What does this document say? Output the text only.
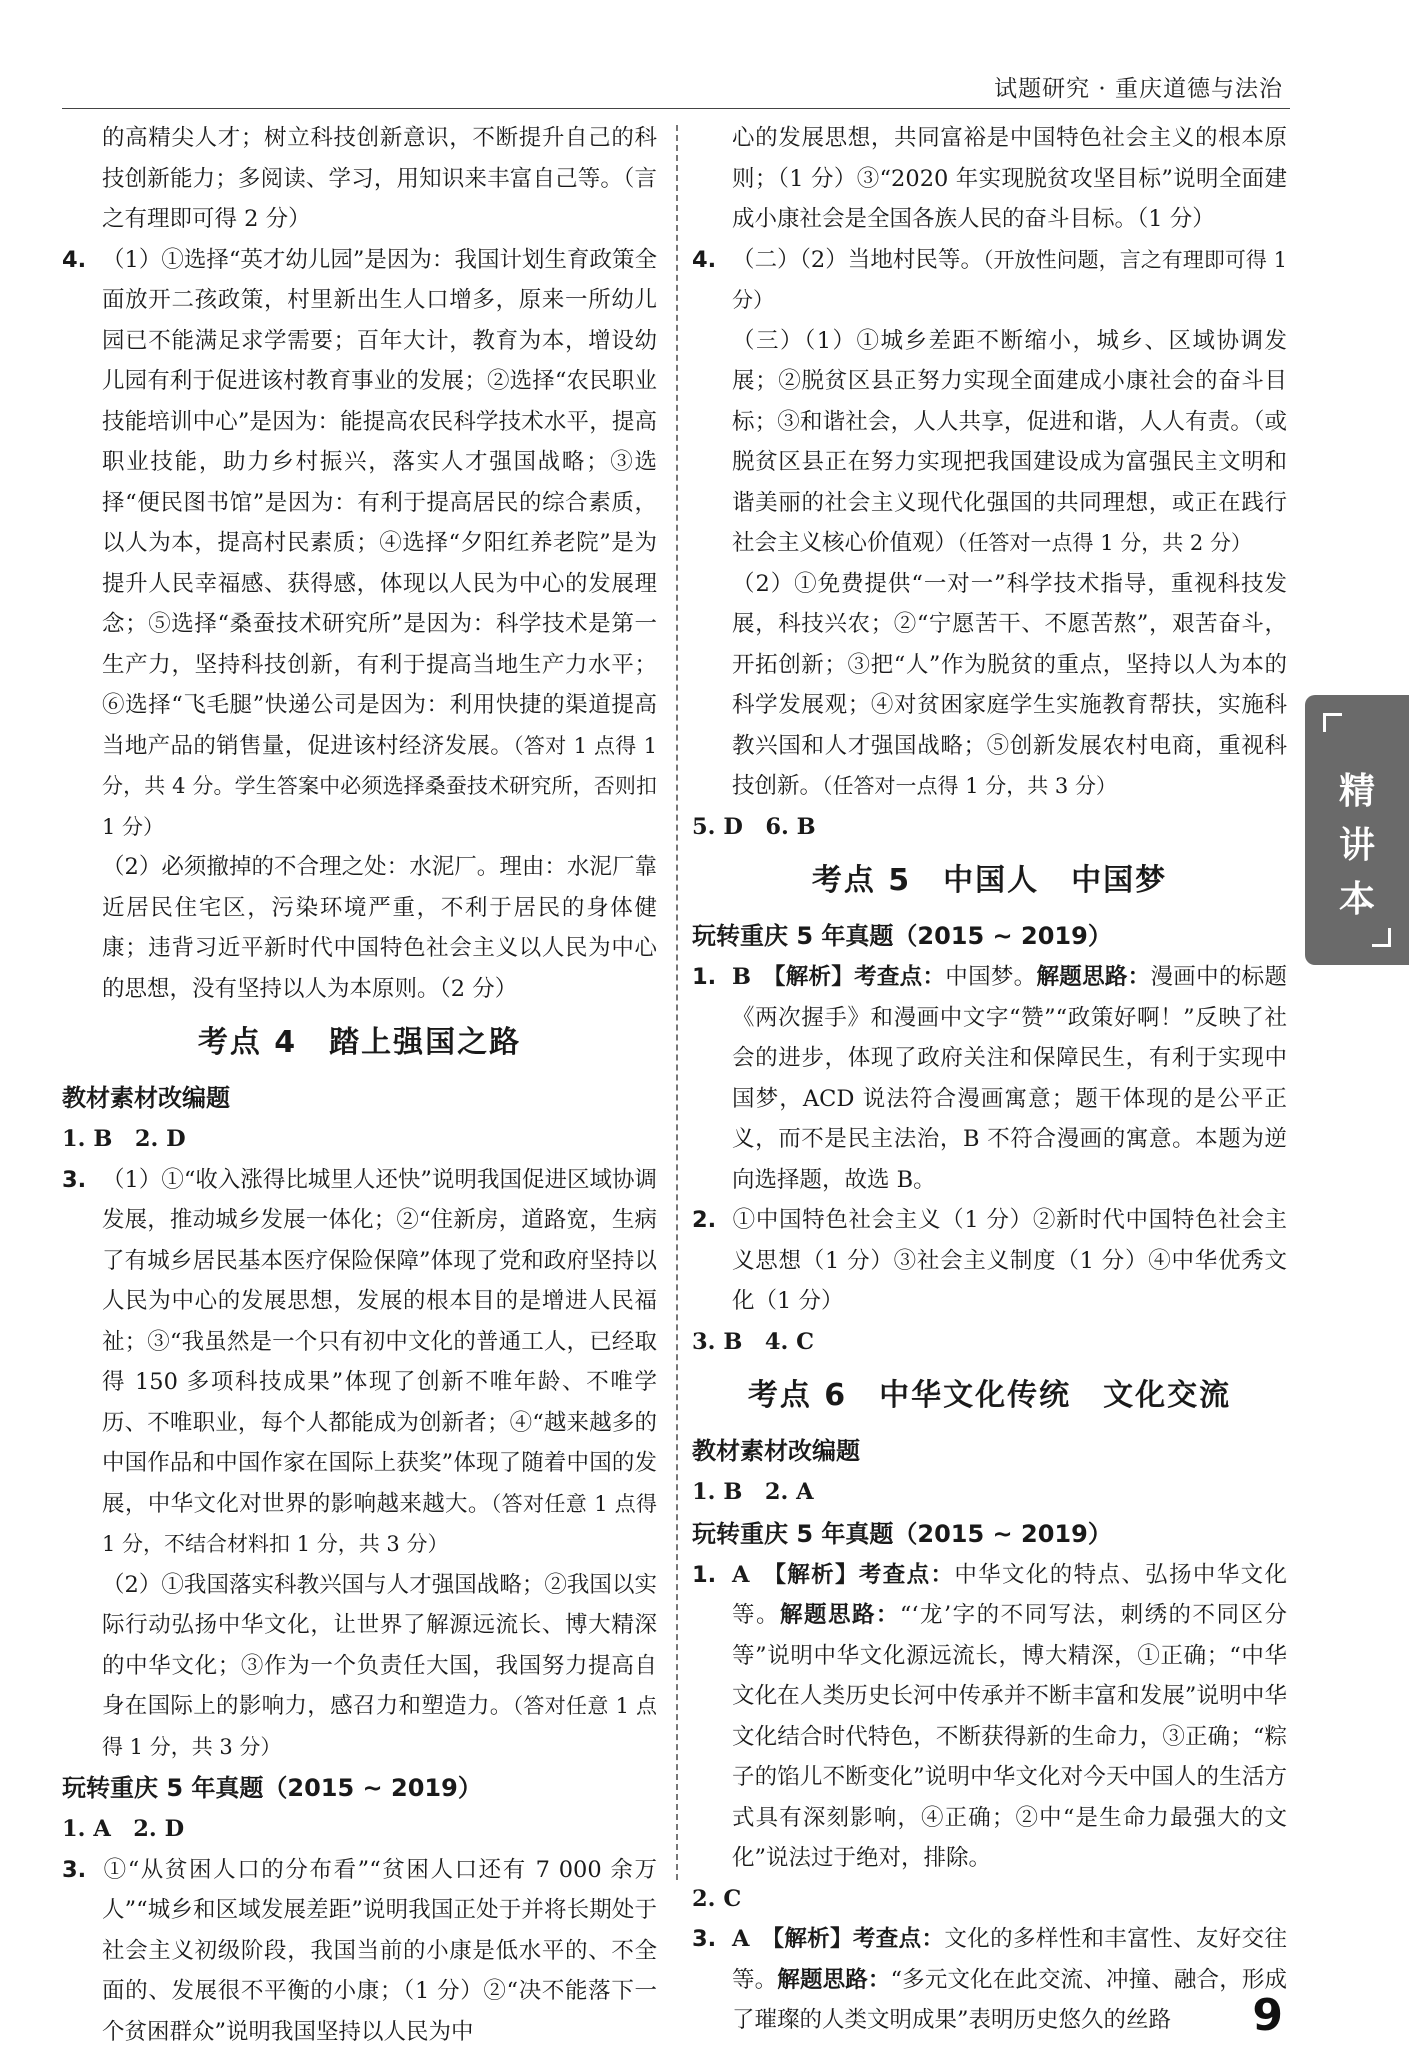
试题研究 · 重庆道德与法治

的高精尖人才；树立科技创新意识，不断提升自己的科技创新能力；多阅读、学习，用知识来丰富自己等。（言之有理即可得 2 分）

4. （1）①选择“英才幼儿园”是因为：我国计划生育政策全面放开二孩政策，村里新出生人口增多，原来一所幼儿园已不能满足求学需要；百年大计，教育为本，增设幼儿园有利于促进该村教育事业的发展；②选择“农民职业技能培训中心”是因为：能提高农民科学技术水平，提高职业技能，助力乡村振兴，落实人才强国战略；③选择“便民图书馆”是因为：有利于提高居民的综合素质，以人为本，提高村民素质；④选择“夕阳红养老院”是为提升人民幸福感、获得感，体现以人民为中心的发展理念；⑤选择“桑蚕技术研究所”是因为：科学技术是第一生产力，坚持科技创新，有利于提高当地生产力水平；⑥选择“飞毛腿”快递公司是因为：利用快捷的渠道提高当地产品的销售量，促进该村经济发展。（答对 1 点得 1 分，共 4 分。学生答案中必须选择桑蚕技术研究所，否则扣 1 分）

（2）必须撤掉的不合理之处：水泥厂。理由：水泥厂靠近居民住宅区，污染环境严重，不利于居民的身体健康；违背习近平新时代中国特色社会主义以人民为中心的思想，没有坚持以人为本原则。（2 分）

考点 4　踏上强国之路
教材素材改编题

1. B　2. D

3. （1）①“收入涨得比城里人还快”说明我国促进区域协调发展，推动城乡发展一体化；②“住新房，道路宽，生病了有城乡居民基本医疗保险保障”体现了党和政府坚持以人民为中心的发展思想，发展的根本目的是增进人民福祉；③“我虽然是一个只有初中文化的普通工人，已经取得 150 多项科技成果”体现了创新不唯年龄、不唯学历、不唯职业，每个人都能成为创新者；④“越来越多的中国作品和中国作家在国际上获奖”体现了随着中国的发展，中华文化对世界的影响越来越大。（答对任意 1 点得 1 分，不结合材料扣 1 分，共 3 分）

（2）①我国落实科教兴国与人才强国战略；②我国以实际行动弘扬中华文化，让世界了解源远流长、博大精深的中华文化；③作为一个负责任大国，我国努力提高自身在国际上的影响力，感召力和塑造力。（答对任意 1 点得 1 分，共 3 分）

玩转重庆 5 年真题（2015 ~ 2019）

1. A　2. D

3. ①“从贫困人口的分布看”“贫困人口还有 7 000 余万人”“城乡和区域发展差距”说明我国正处于并将长期处于社会主义初级阶段，我国当前的小康是低水平的、不全面的、发展很不平衡的小康；（1 分）②“决不能落下一个贫困群众”说明我国坚持以人民为中

心的发展思想，共同富裕是中国特色社会主义的根本原则；（1 分）③“2020 年实现脱贫攻坚目标”说明全面建成小康社会是全国各族人民的奋斗目标。（1 分）

4. （二）（2）当地村民等。（开放性问题，言之有理即可得 1 分）

（三）（1）①城乡差距不断缩小，城乡、区域协调发展；②脱贫区县正努力实现全面建成小康社会的奋斗目标；③和谐社会，人人共享，促进和谐，人人有责。（或脱贫区县正在努力实现把我国建设成为富强民主文明和谐美丽的社会主义现代化强国的共同理想，或正在践行社会主义核心价值观）（任答对一点得 1 分，共 2 分）

（2）①免费提供“一对一”科学技术指导，重视科技发展，科技兴农；②“宁愿苦干、不愿苦熬”，艰苦奋斗，开拓创新；③把“人”作为脱贫的重点，坚持以人为本的科学发展观；④对贫困家庭学生实施教育帮扶，实施科教兴国和人才强国战略；⑤创新发展农村电商，重视科技创新。（任答对一点得 1 分，共 3 分）

5. D　6. B

考点 5　中国人　中国梦
玩转重庆 5 年真题（2015 ~ 2019）

1. B　 【解析】考查点：中国梦。解题思路：漫画中的标题《两次握手》和漫画中文字“赞”“政策好啊！”反映了社会的进步，体现了政府关注和保障民生，有利于实现中国梦，ACD 说法符合漫画寓意；题干体现的是公平正义，而不是民主法治，B 不符合漫画的寓意。本题为逆向选择题，故选 B。

2. ①中国特色社会主义（1 分）②新时代中国特色社会主义思想（1 分）③社会主义制度（1 分）④中华优秀文化（1 分）

3. B　4. C

考点 6　中华文化传统　文化交流
教材素材改编题

1. B　2. A

玩转重庆 5 年真题（2015 ~ 2019）

1. A　 【解析】考查点：中华文化的特点、弘扬中华文化等。解题思路：“‘龙’字的不同写法，刺绣的不同区分等”说明中华文化源远流长，博大精深，①正确；“中华文化在人类历史长河中传承并不断丰富和发展”说明中华文化结合时代特色，不断获得新的生命力，③正确；“粽子的馅儿不断变化”说明中华文化对今天中国人的生活方式具有深刻影响，④正确；②中“是生命力最强大的文化”说法过于绝对，排除。

2. C

3. A　 【解析】考查点：文化的多样性和丰富性、友好交往等。解题思路：“多元文化在此交流、冲撞、融合，形成了璀璨的人类文明成果”表明历史悠久的丝路

精
讲
本
9
